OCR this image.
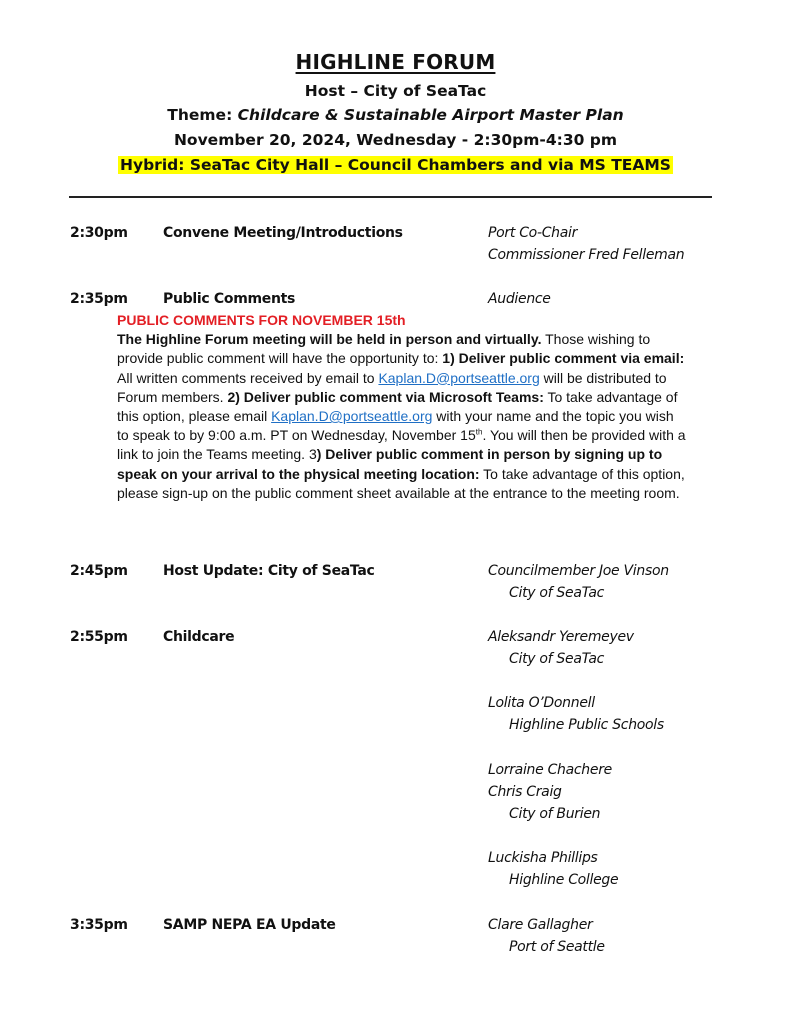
HIGHLINE FORUM
Host – City of SeaTac
Theme: Childcare & Sustainable Airport Master Plan
November 20, 2024, Wednesday - 2:30pm-4:30 pm
Hybrid: SeaTac City Hall – Council Chambers and via MS TEAMS
2:30pm	Convene Meeting/Introductions	Port Co-Chair
Commissioner Fred Felleman
2:35pm	Public Comments	Audience
PUBLIC COMMENTS FOR NOVEMBER 15th
The Highline Forum meeting will be held in person and virtually. Those wishing to provide public comment will have the opportunity to: 1) Deliver public comment via email: All written comments received by email to Kaplan.D@portseattle.org will be distributed to Forum members. 2) Deliver public comment via Microsoft Teams: To take advantage of this option, please email Kaplan.D@portseattle.org with your name and the topic you wish to speak to by 9:00 a.m. PT on Wednesday, November 15th. You will then be provided with a link to join the Teams meeting. 3) Deliver public comment in person by signing up to speak on your arrival to the physical meeting location: To take advantage of this option, please sign-up on the public comment sheet available at the entrance to the meeting room.
2:45pm	Host Update: City of SeaTac	Councilmember Joe Vinson
City of SeaTac
2:55pm	Childcare	Aleksandr Yeremeyev
City of SeaTac
Lolita O’Donnell
Highline Public Schools
Lorraine Chachere
Chris Craig
City of Burien
Luckisha Phillips
Highline College
3:35pm	SAMP NEPA EA Update	Clare Gallagher
Port of Seattle
